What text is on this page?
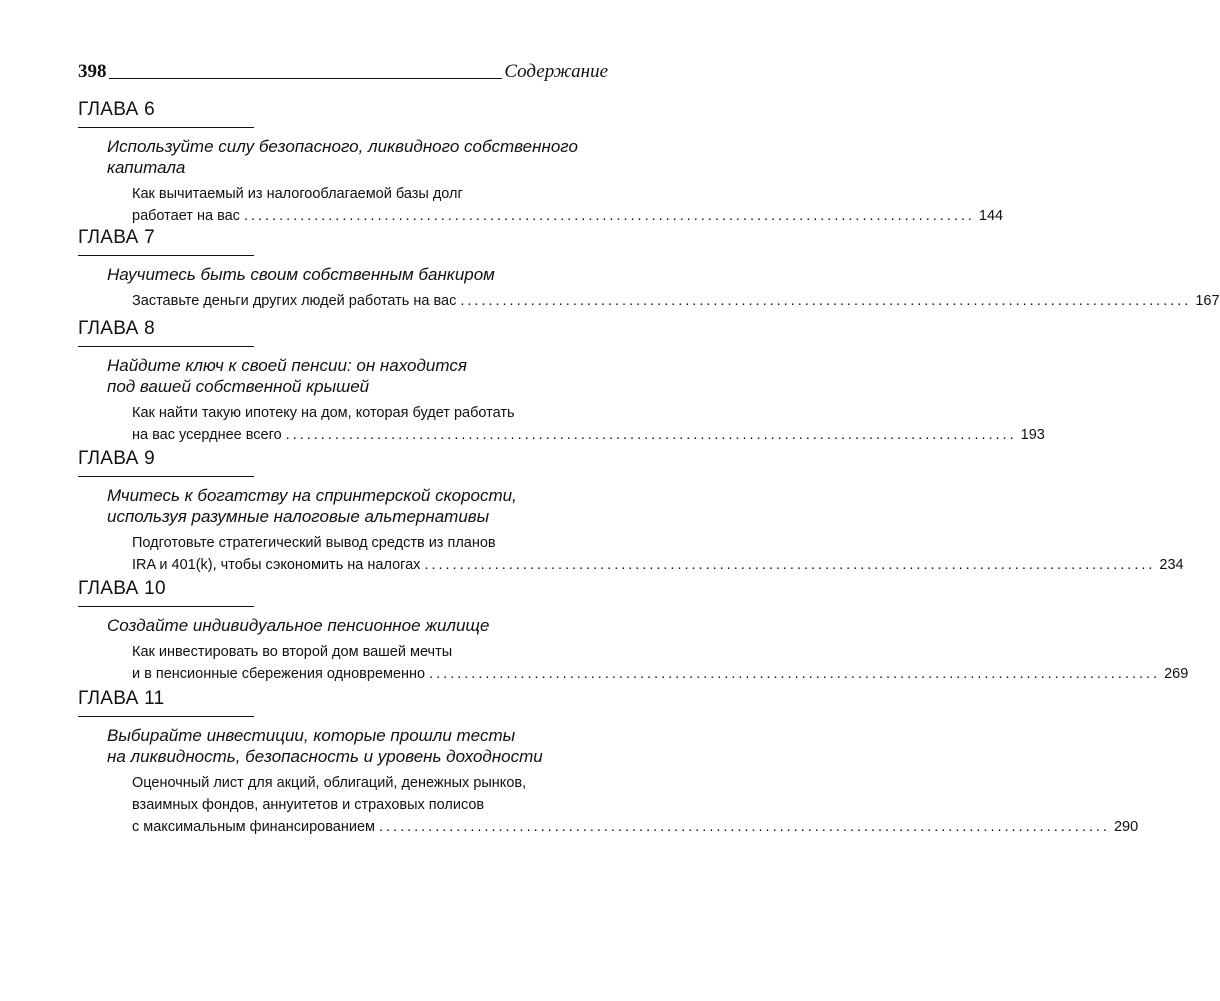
398	Содержание
ГЛАВА 6
Используйте силу безопасного, ликвидного собственного
капитала
Как вычитаемый из налогооблагаемой базы долг
работает на вас ........................................................................................................ 144
ГЛАВА 7
Научитесь быть своим собственным банкиром
Заставьте деньги других людей работать на вас ........................................................................................................ 167
ГЛАВА 8
Найдите ключ к своей пенсии: он находится
под вашей собственной крышей
Как найти такую ипотеку на дом, которая будет работать
на вас усерднее всего ........................................................................................................ 193
ГЛАВА 9
Мчитесь к богатству на спринтерской скорости,
используя разумные налоговые альтернативы
Подготовьте стратегический вывод средств из планов
IRA и 401(k), чтобы сэкономить на налогах ........................................................................................................ 234
ГЛАВА 10
Создайте индивидуальное пенсионное жилище
Как инвестировать во второй дом вашей мечты
и в пенсионные сбережения одновременно ........................................................................................................ 269
ГЛАВА 11
Выбирайте инвестиции, которые прошли тесты
на ликвидность, безопасность и уровень доходности
Оценочный лист для акций, облигаций, денежных рынков,
взаимных фондов, аннуитетов и страховых полисов
с максимальным финансированием ........................................................................................................ 290
